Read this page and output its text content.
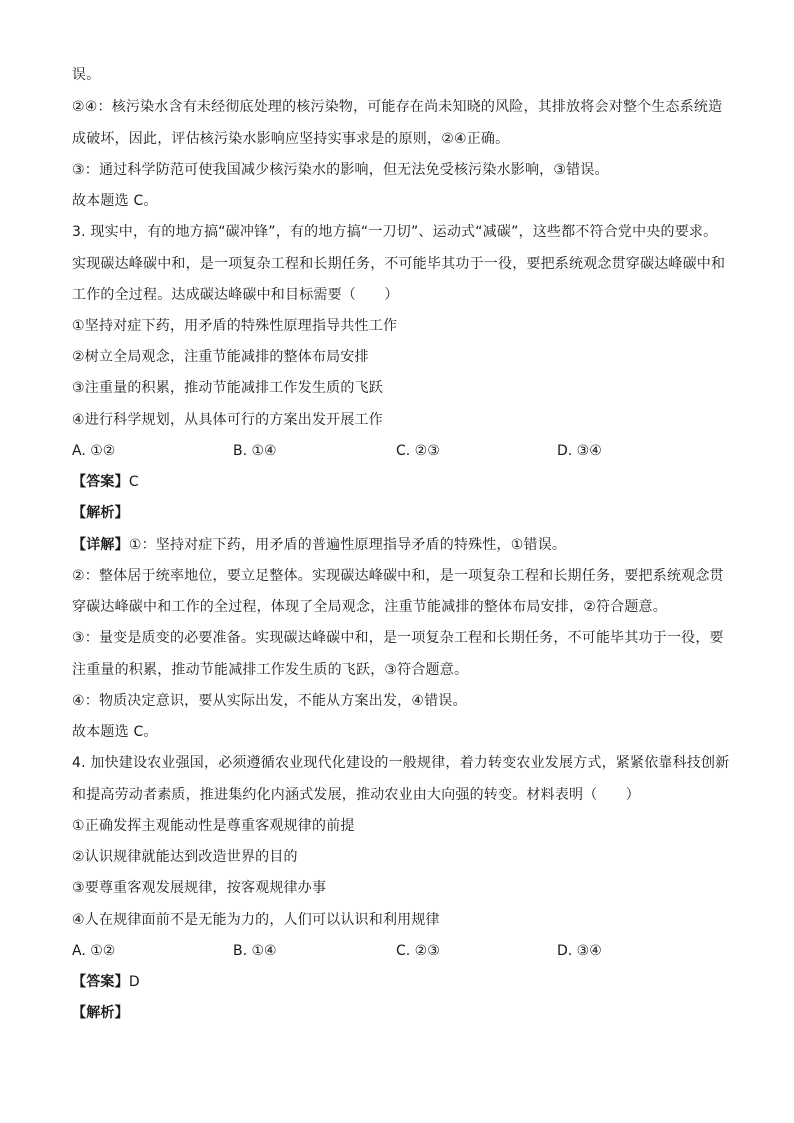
误。
②④：核污染水含有未经彻底处理的核污染物，可能存在尚未知晓的风险，其排放将会对整个生态系统造
成破坏，因此，评估核污染水影响应坚持实事求是的原则，②④正确。
③：通过科学防范可使我国减少核污染水的影响，但无法免受核污染水影响，③错误。
故本题选 C。
3. 现实中，有的地方搞“碳冲锋”，有的地方搞“一刀切”、运动式“减碳”，这些都不符合党中央的要求。
实现碳达峰碳中和，是一项复杂工程和长期任务，不可能毕其功于一役，要把系统观念贯穿碳达峰碳中和
工作的全过程。达成碳达峰碳中和目标需要（　　）
①坚持对症下药，用矛盾的特殊性原理指导共性工作
②树立全局观念，注重节能减排的整体布局安排
③注重量的积累，推动节能减排工作发生质的飞跃
④进行科学规划，从具体可行的方案出发开展工作
A. ①②	B. ①④	C. ②③	D. ③④
【答案】C
【解析】
【详解】①：坚持对症下药，用矛盾的普遍性原理指导矛盾的特殊性，①错误。
②：整体居于统率地位，要立足整体。实现碳达峰碳中和，是一项复杂工程和长期任务，要把系统观念贯
穿碳达峰碳中和工作的全过程，体现了全局观念，注重节能减排的整体布局安排，②符合题意。
③：量变是质变的必要准备。实现碳达峰碳中和，是一项复杂工程和长期任务，不可能毕其功于一役，要
注重量的积累，推动节能减排工作发生质的飞跃，③符合题意。
④：物质决定意识，要从实际出发，不能从方案出发，④错误。
故本题选 C。
4. 加快建设农业强国，必须遵循农业现代化建设的一般规律，着力转变农业发展方式，紧紧依靠科技创新
和提高劳动者素质，推进集约化内涵式发展，推动农业由大向强的转变。材料表明（　　）
①正确发挥主观能动性是尊重客观规律的前提
②认识规律就能达到改造世界的目的
③要尊重客观发展规律，按客观规律办事
④人在规律面前不是无能为力的，人们可以认识和利用规律
A. ①②	B. ①④	C. ②③	D. ③④
【答案】D
【解析】
